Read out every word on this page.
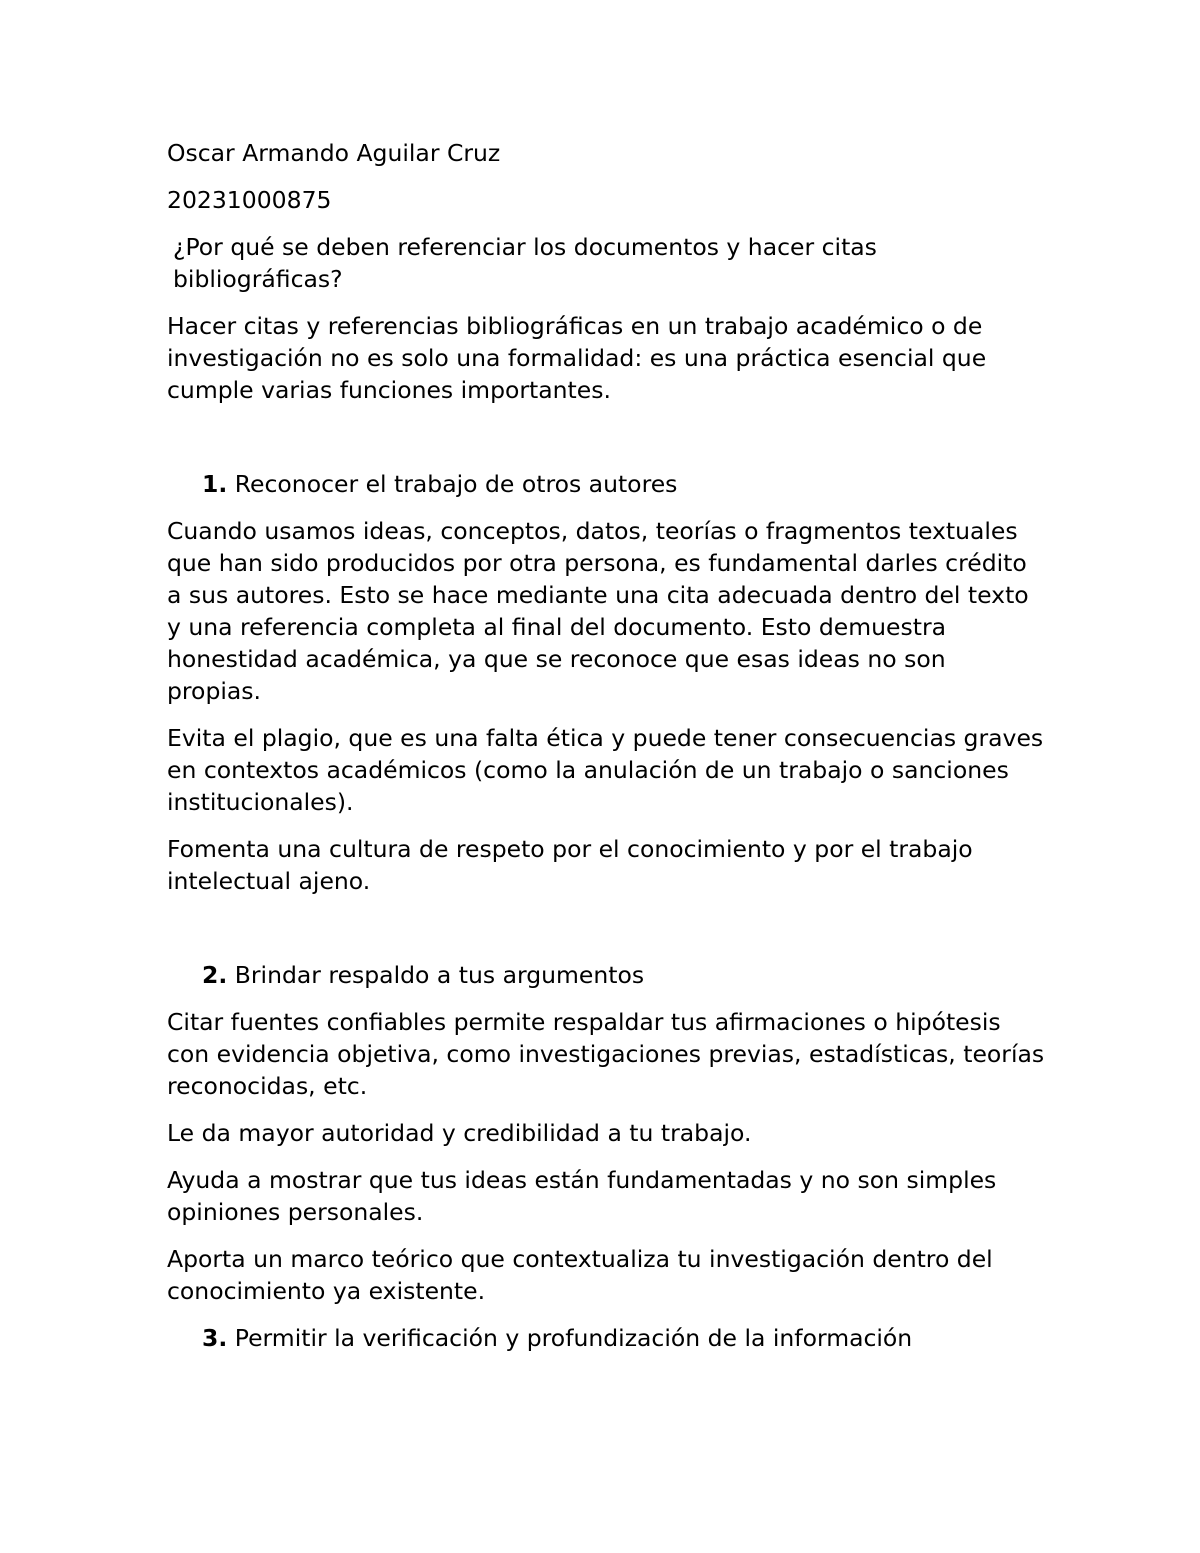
Oscar Armando Aguilar Cruz

20231000875

¿Por qué se deben referenciar los documentos y hacer citas bibliográficas?

Hacer citas y referencias bibliográficas en un trabajo académico o de investigación no es solo una formalidad: es una práctica esencial que cumple varias funciones importantes.

1. Reconocer el trabajo de otros autores

Cuando usamos ideas, conceptos, datos, teorías o fragmentos textuales que han sido producidos por otra persona, es fundamental darles crédito a sus autores. Esto se hace mediante una cita adecuada dentro del texto y una referencia completa al final del documento. Esto demuestra honestidad académica, ya que se reconoce que esas ideas no son propias.

Evita el plagio, que es una falta ética y puede tener consecuencias graves en contextos académicos (como la anulación de un trabajo o sanciones institucionales).

Fomenta una cultura de respeto por el conocimiento y por el trabajo intelectual ajeno.

2. Brindar respaldo a tus argumentos

Citar fuentes confiables permite respaldar tus afirmaciones o hipótesis con evidencia objetiva, como investigaciones previas, estadísticas, teorías reconocidas, etc.

Le da mayor autoridad y credibilidad a tu trabajo.

Ayuda a mostrar que tus ideas están fundamentadas y no son simples opiniones personales.

Aporta un marco teórico que contextualiza tu investigación dentro del conocimiento ya existente.

3. Permitir la verificación y profundización de la información
